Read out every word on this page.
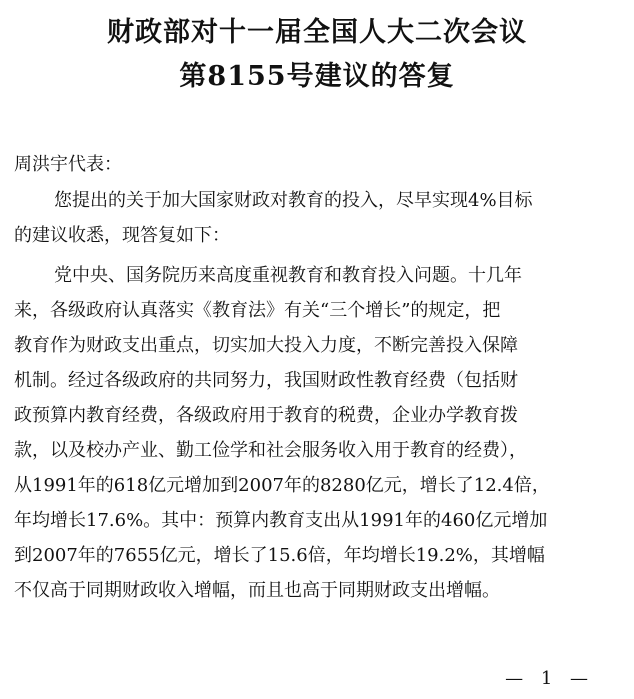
财政部对十一届全国人大二次会议
第8155号建议的答复
周洪宇代表：
您提出的关于加大国家财政对教育的投入，尽早实现4%目标
的建议收悉，现答复如下：
党中央、国务院历来高度重视教育和教育投入问题。十几年
来，各级政府认真落实《教育法》有关“三个增长”的规定，把
教育作为财政支出重点，切实加大投入力度，不断完善投入保障
机制。经过各级政府的共同努力，我国财政性教育经费（包括财
政预算内教育经费，各级政府用于教育的税费，企业办学教育拨
款，以及校办产业、勤工俭学和社会服务收入用于教育的经费），
从1991年的618亿元增加到2007年的8280亿元，增长了12.4倍，
年均增长17.6%。其中：预算内教育支出从1991年的460亿元增加
到2007年的7655亿元，增长了15.6倍，年均增长19.2%，其增幅
不仅高于同期财政收入增幅，而且也高于同期财政支出增幅。
— 1 —
